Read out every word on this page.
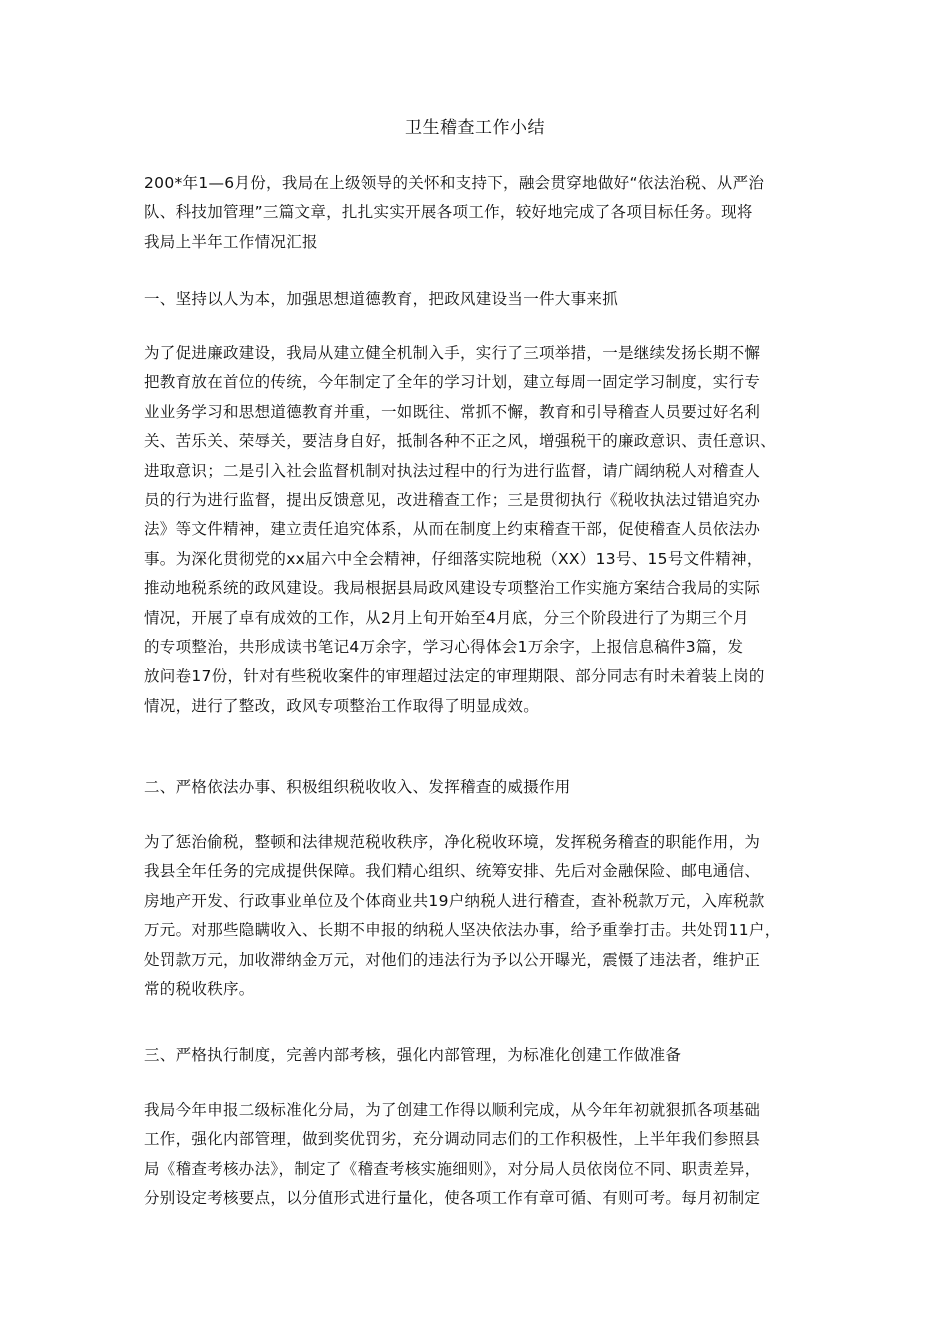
卫生稽查工作小结
200*年1—6月份，我局在上级领导的关怀和支持下，融会贯穿地做好“依法治税、从严治
队、科技加管理”三篇文章，扎扎实实开展各项工作，较好地完成了各项目标任务。现将
我局上半年工作情况汇报
一、坚持以人为本，加强思想道德教育，把政风建设当一件大事来抓
为了促进廉政建设，我局从建立健全机制入手，实行了三项举措，一是继续发扬长期不懈
把教育放在首位的传统，今年制定了全年的学习计划，建立每周一固定学习制度，实行专
业业务学习和思想道德教育并重，一如既往、常抓不懈，教育和引导稽查人员要过好名利
关、苦乐关、荣辱关，要洁身自好，抵制各种不正之风，增强税干的廉政意识、责任意识、
进取意识；二是引入社会监督机制对执法过程中的行为进行监督，请广阔纳税人对稽查人
员的行为进行监督，提出反馈意见，改进稽查工作；三是贯彻执行《税收执法过错追究办
法》等文件精神，建立责任追究体系，从而在制度上约束稽查干部，促使稽查人员依法办
事。为深化贯彻党的xx届六中全会精神，仔细落实院地税（XX）13号、15号文件精神，
推动地税系统的政风建设。我局根据县局政风建设专项整治工作实施方案结合我局的实际
情况，开展了卓有成效的工作，从2月上旬开始至4月底，分三个阶段进行了为期三个月
的专项整治，共形成读书笔记4万余字，学习心得体会1万余字，上报信息稿件3篇，发
放问卷17份，针对有些税收案件的审理超过法定的审理期限、部分同志有时未着装上岗的
情况，进行了整改，政风专项整治工作取得了明显成效。
二、严格依法办事、积极组织税收收入、发挥稽查的威摄作用
为了惩治偷税，整顿和法律规范税收秩序，净化税收环境，发挥税务稽查的职能作用，为
我县全年任务的完成提供保障。我们精心组织、统筹安排、先后对金融保险、邮电通信、
房地产开发、行政事业单位及个体商业共19户纳税人进行稽查，查补税款万元，入库税款
万元。对那些隐瞒收入、长期不申报的纳税人坚决依法办事，给予重拳打击。共处罚11户，
处罚款万元，加收滞纳金万元，对他们的违法行为予以公开曝光，震慑了违法者，维护正
常的税收秩序。
三、严格执行制度，完善内部考核，强化内部管理，为标准化创建工作做准备
我局今年申报二级标准化分局，为了创建工作得以顺利完成，从今年年初就狠抓各项基础
工作，强化内部管理，做到奖优罚劣，充分调动同志们的工作积极性，上半年我们参照县
局《稽查考核办法》，制定了《稽查考核实施细则》，对分局人员依岗位不同、职责差异，
分别设定考核要点，以分值形式进行量化，使各项工作有章可循、有则可考。每月初制定
